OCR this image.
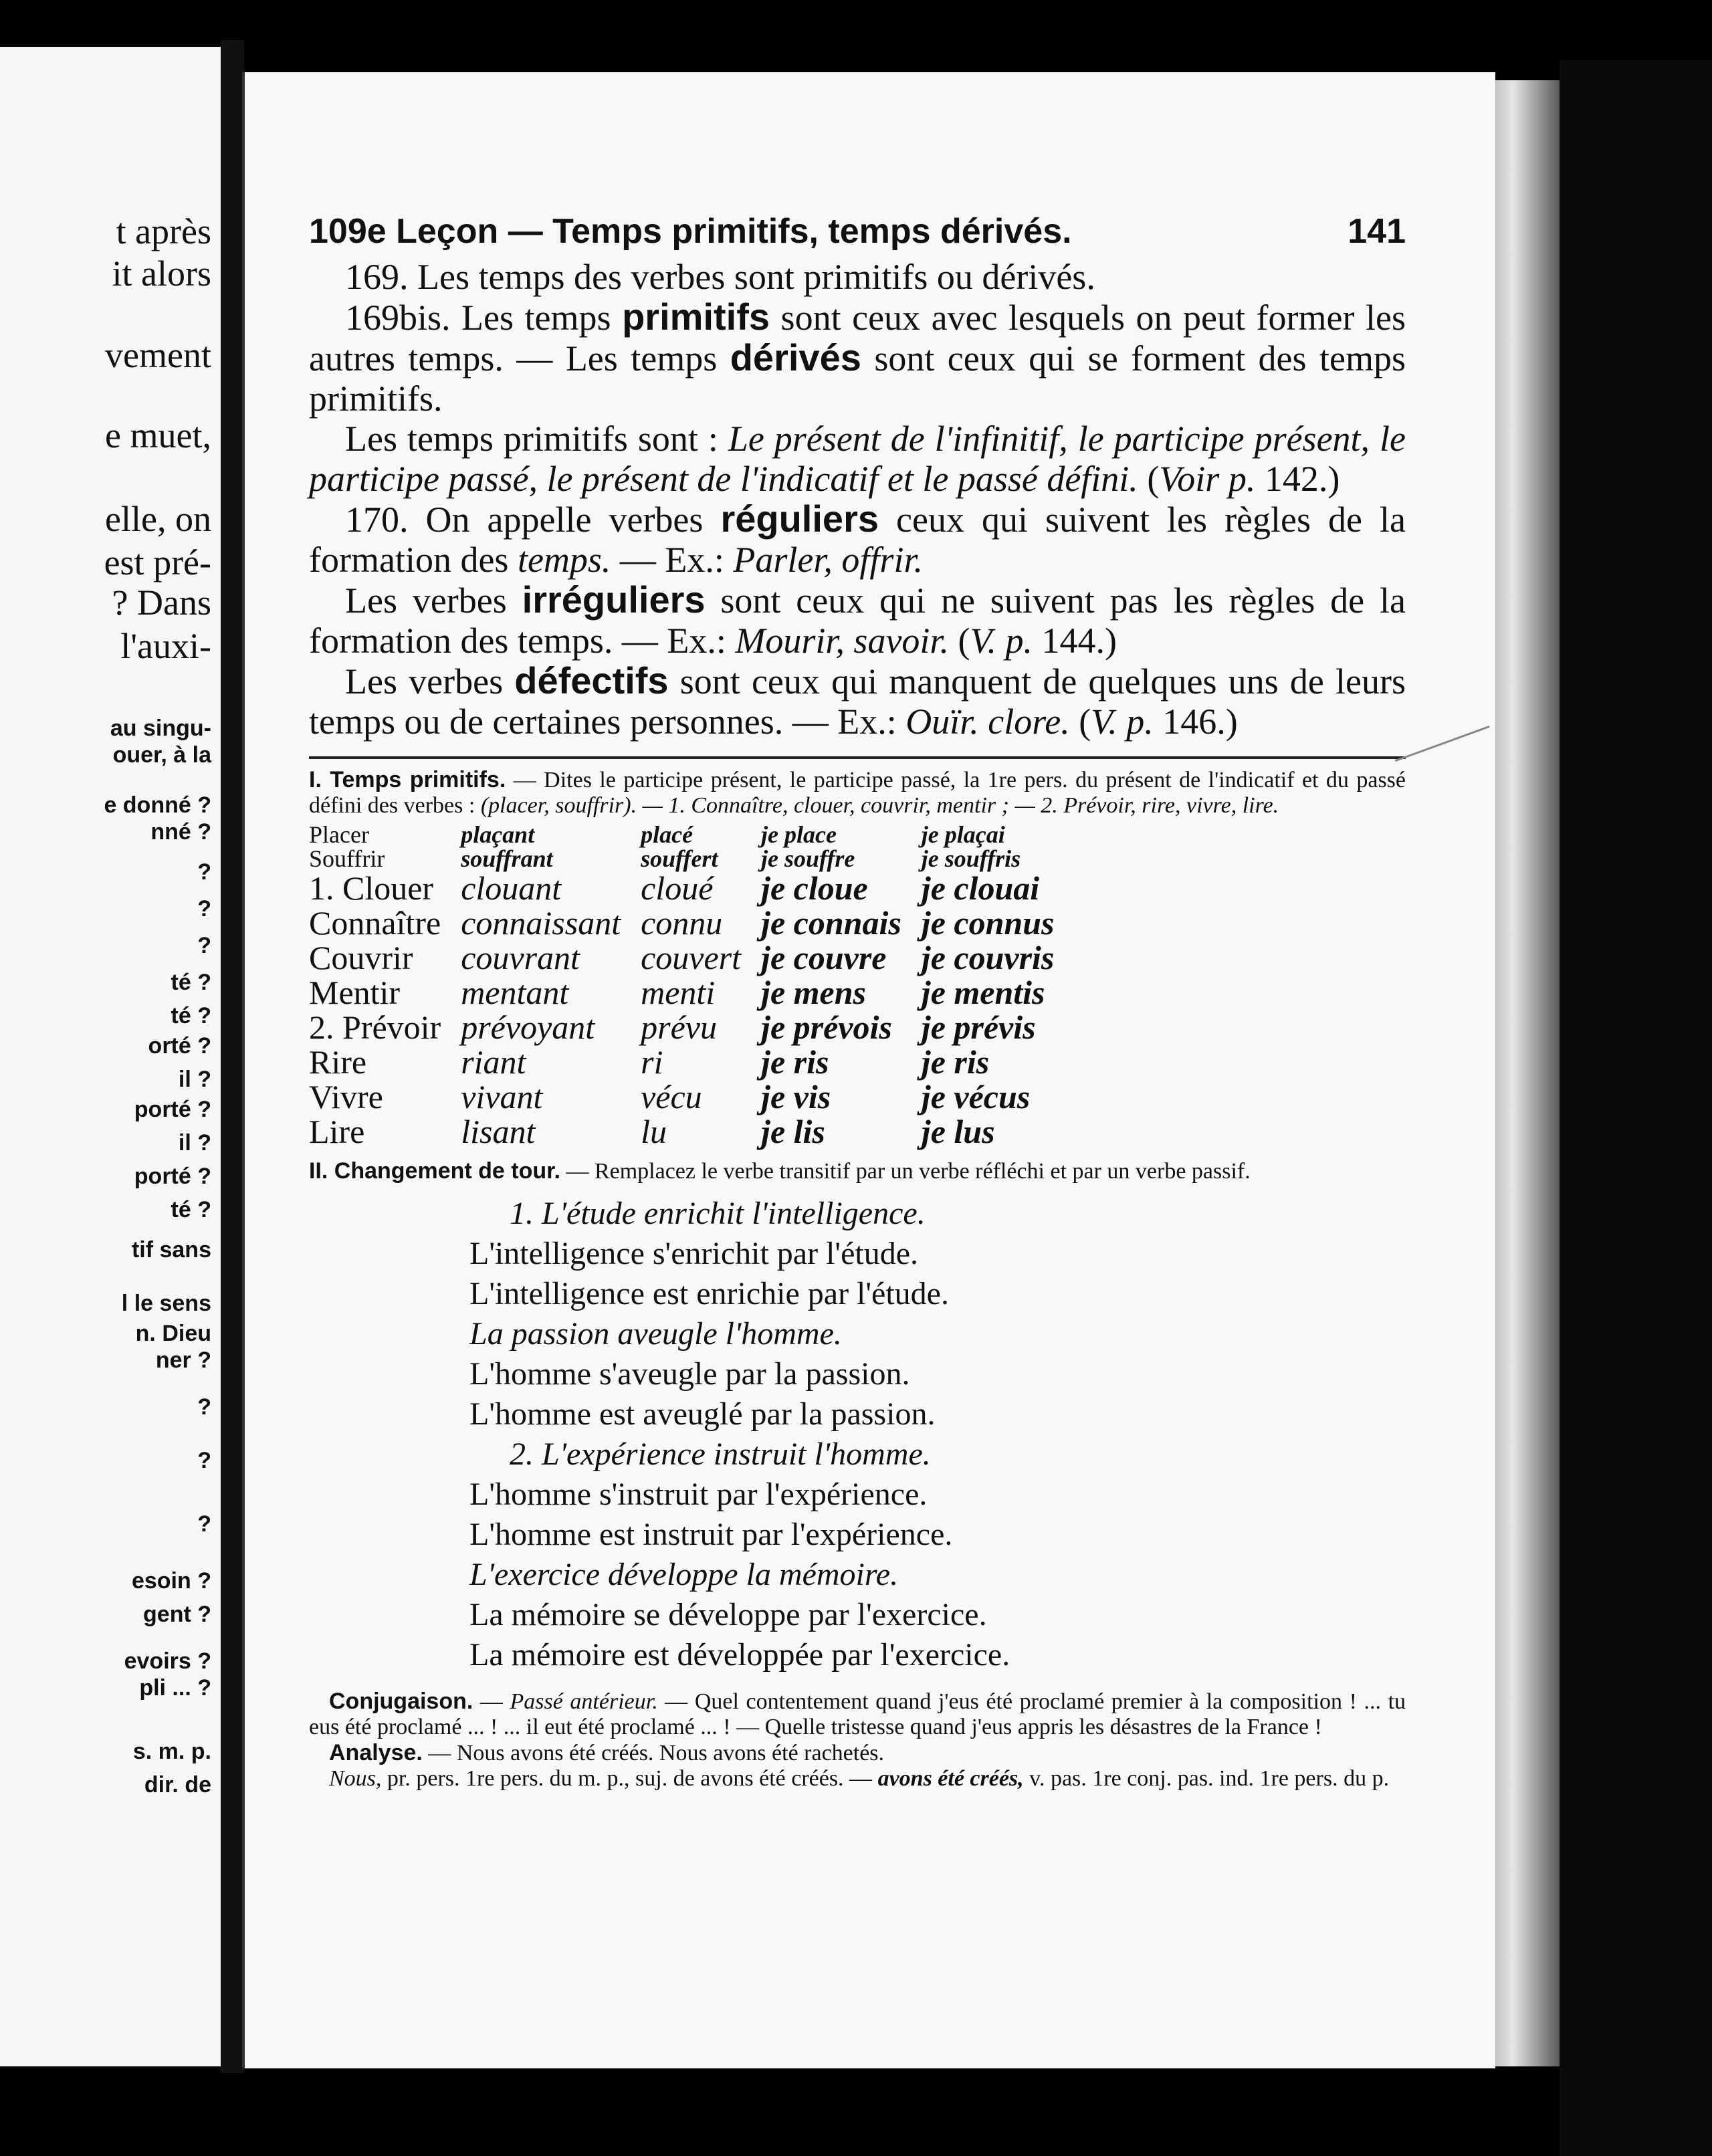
t après
it alors
vement
e muet,
elle, on
est pré-
? Dans
l'auxi-
au singu-
ouer, à la
e donné ?
nné ?
?
?
?
té ?
té ?
orté ?
il ?
porté ?
il ?
porté ?
té ?
tif sans
l le sens
n. Dieu
ner ?
?
?
?
esoin ?
gent ?
evoirs ?
pli ... ?
s. m. p.
dir. de
109e Leçon — Temps primitifs, temps dérivés.	141

169. Les temps des verbes sont primitifs ou dérivés.

169bis. Les temps primitifs sont ceux avec lesquels on peut former les autres temps. — Les temps dérivés sont ceux qui se forment des temps primitifs.

Les temps primitifs sont : Le présent de l'infinitif, le participe présent, le participe passé, le présent de l'indicatif et le passé défini. (Voir p. 142.)

170. On appelle verbes réguliers ceux qui suivent les règles de la formation des temps. — Ex.: Parler, offrir.

Les verbes irréguliers sont ceux qui ne suivent pas les règles de la formation des temps. — Ex.: Mourir, savoir. (V. p. 144.)

Les verbes défectifs sont ceux qui manquent de quelques uns de leurs temps ou de certaines personnes. — Ex.: Ouïr. clore. (V. p. 146.)

I. Temps primitifs. — Dites le participe présent, le participe passé, la 1re pers. du présent de l'indicatif et du passé défini des verbes : (placer, souffrir). — 1. Connaître, clouer, couvrir, mentir ; — 2. Prévoir, rire, vivre, lire.
Placer	plaçant	placé	je place	je plaçai
Souffrir	souffrant	souffert	je souffre	je souffris
1. Clouer	clouant	cloué	je cloue	je clouai
Connaître	connaissant	connu	je connais	je connus
Couvrir	couvrant	couvert	je couvre	je couvris
Mentir	mentant	menti	je mens	je mentis
2. Prévoir	prévoyant	prévu	je prévois	je prévis
Rire	riant	ri	je ris	je ris
Vivre	vivant	vécu	je vis	je vécus
Lire	lisant	lu	je lis	je lus
II. Changement de tour. — Remplacez le verbe transitif par un verbe réfléchi et par un verbe passif.
1. L'étude enrichit l'intelligence.
L'intelligence s'enrichit par l'étude.
L'intelligence est enrichie par l'étude.
La passion aveugle l'homme.
L'homme s'aveugle par la passion.
L'homme est aveuglé par la passion.
2. L'expérience instruit l'homme.
L'homme s'instruit par l'expérience.
L'homme est instruit par l'expérience.
L'exercice développe la mémoire.
La mémoire se développe par l'exercice.
La mémoire est développée par l'exercice.
Conjugaison. — Passé antérieur. — Quel contentement quand j'eus été proclamé premier à la composition ! ... tu eus été proclamé ... ! ... il eut été proclamé ... ! — Quelle tristesse quand j'eus appris les désastres de la France !
Analyse. — Nous avons été créés. Nous avons été rachetés.
Nous, pr. pers. 1re pers. du m. p., suj. de avons été créés. — avons été créés, v. pas. 1re conj. pas. ind. 1re pers. du p.
